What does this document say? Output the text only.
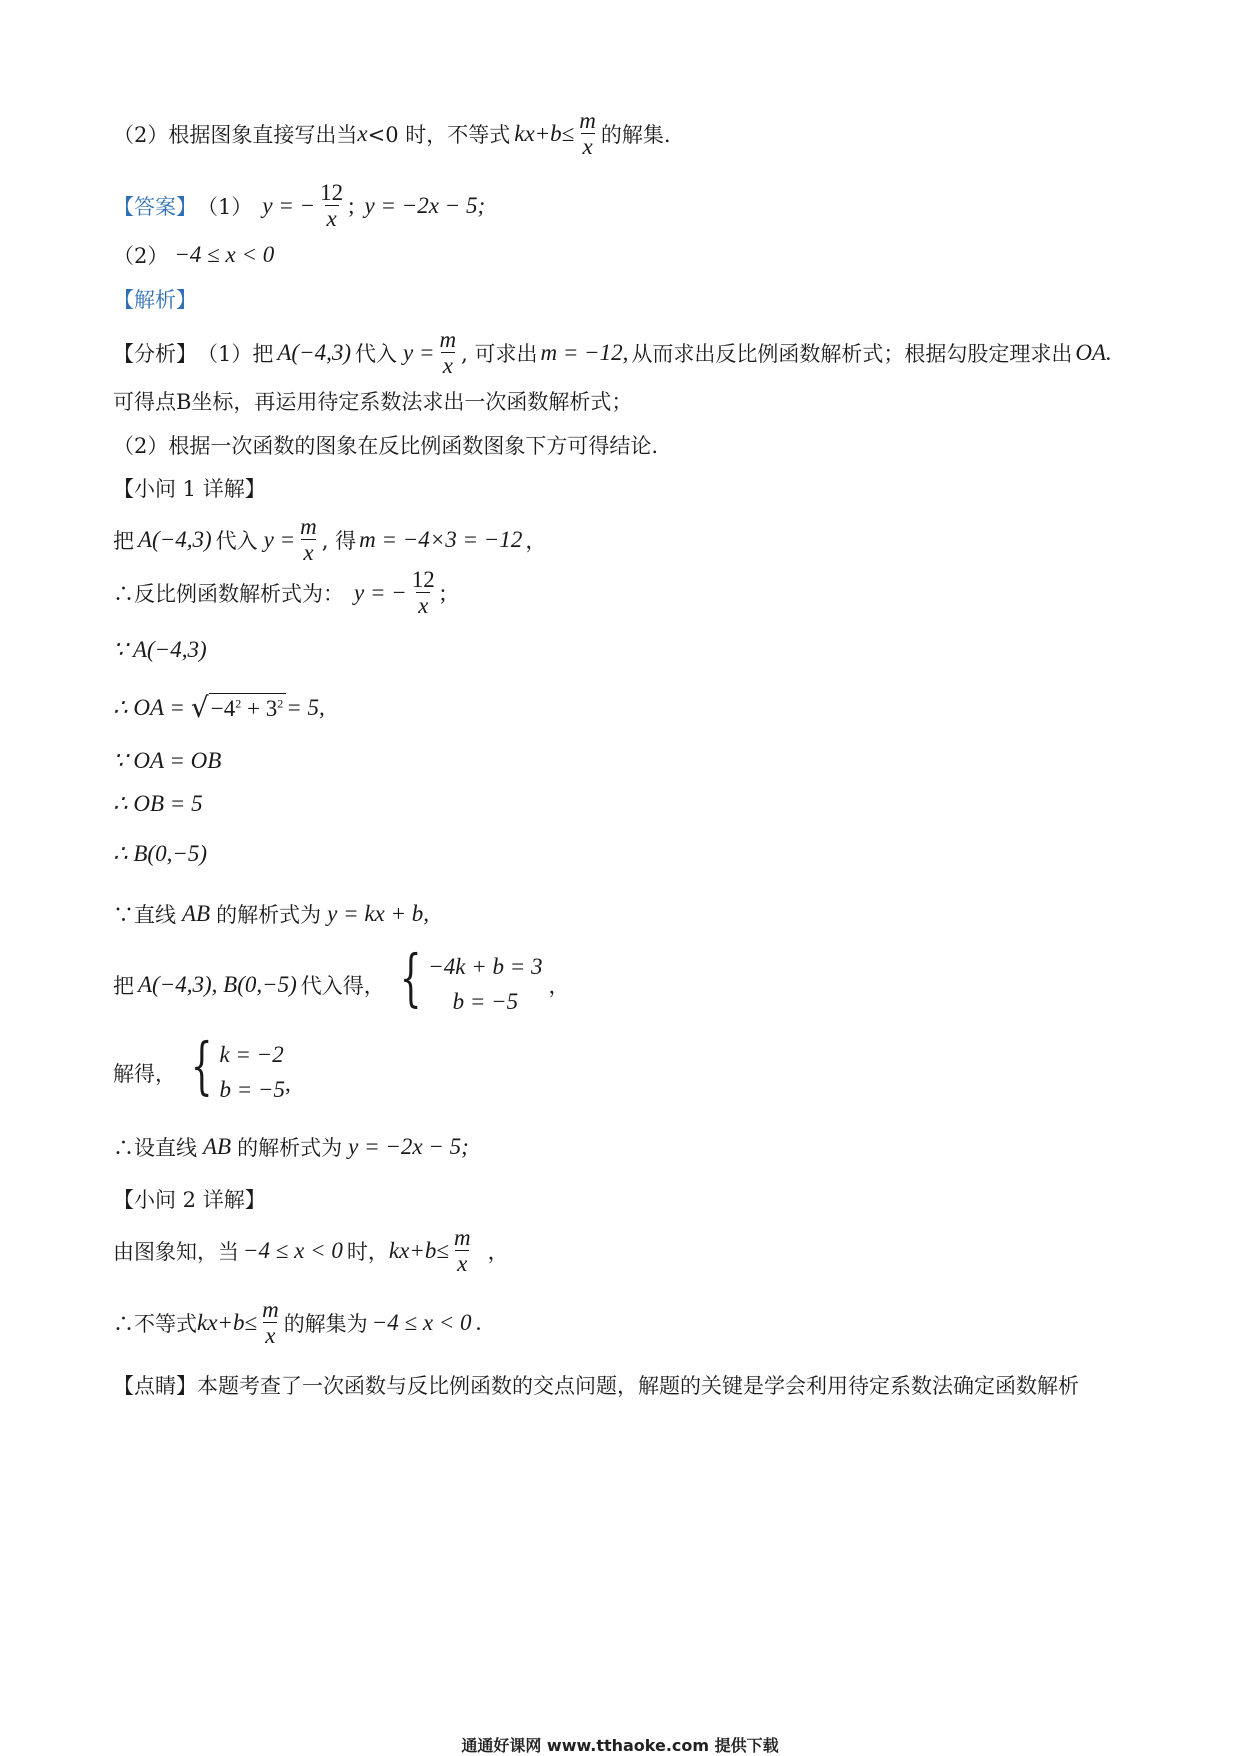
（2）根据图象直接写出当 x <0 时，不等式 $kx+b\le \frac{m}{x}$ 的解集.
【答案】 （1） y = − $\frac{12}{x}$ ; y = −2x − 5;
（2） −4 ≤ x < 0
【解析】
【分析】 （1）把 A(−4,3) 代入 $y = \frac{m}{x}$ , 可求出 m = −12, 从而求出反比例函数解析式；根据勾股定理求出 OA.
可得点B坐标，再运用待定系数法求出一次函数解析式；
（2）根据一次函数的图象在反比例函数图象下方可得结论.
【小问 1 详解】
把 A(−4,3) 代入 $y = \frac{m}{x}$ , 得 m = −4×3 = −12 ，
∴反比例函数解析式为： y = − $\frac{12}{x}$ ;
∵ A(−4,3)
∴ OA = √ $-4^2 + 3^2 = 5$,
∵ OA = OB
∴ OB = 5
∴ B(0,−5)
∵直线 AB 的解析式为 y = kx + b,
把 A(−4,3), B(0,−5) 代入得， { −4k + b = 3
b = −5
，
解得， { k = −2
b = −5 ,
∴设直线 AB 的解析式为 y = −2x − 5;
【小问 2 详解】
由图象知，当 −4 ≤ x < 0 时， $kx+b\le \frac{m}{x}$ ，
∴不等式 $kx+b\le \frac{m}{x}$ 的解集为 −4 ≤ x < 0 .
【点睛】 本题考查了一次函数与反比例函数的交点问题，解题的关键是学会利用待定系数法确定函数解析
通通好课网 www.tthaoke.com 提供下载
